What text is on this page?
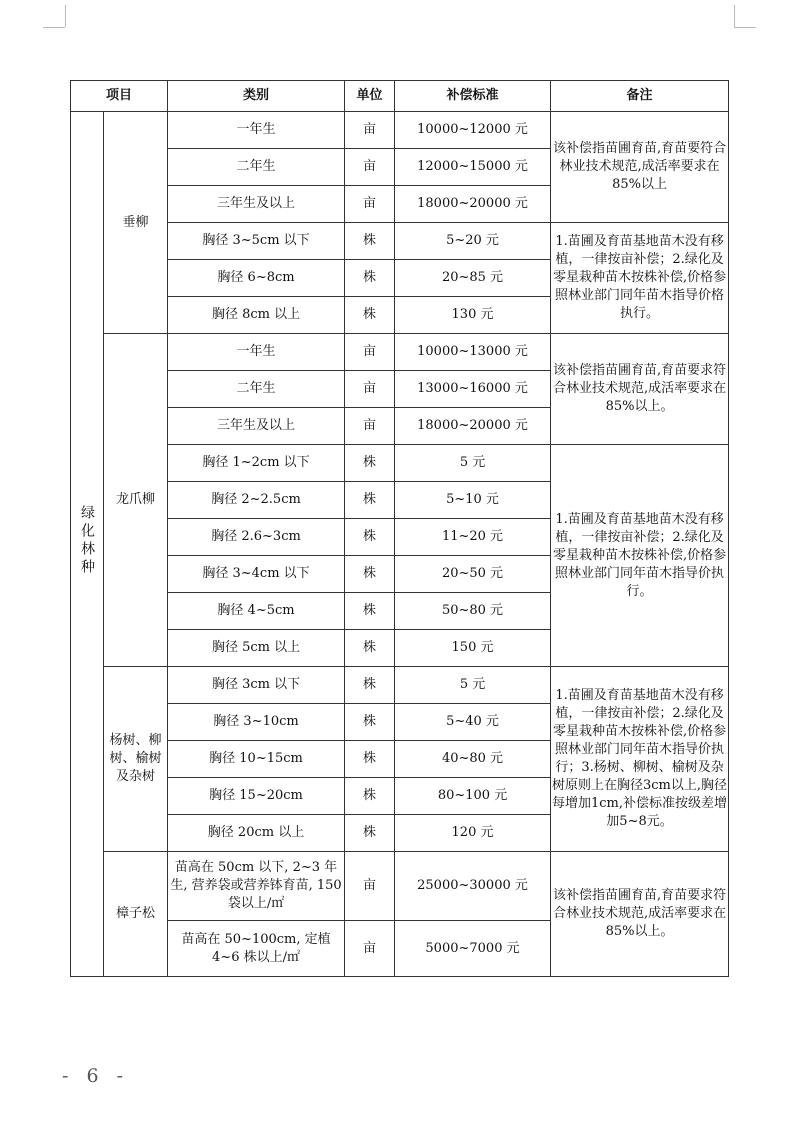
项目		类别	单位	补偿标准	备注
绿化林种	垂柳	一年生	亩	10000~12000 元	该补偿指苗圃育苗,育苗要符合林业技术规范,成活率要求在85%以上
		二年生	亩	12000~15000 元	
		三年生及以上	亩	18000~20000 元	
		胸径 3~5cm 以下	株	5~20 元	1.苗圃及育苗基地苗木没有移植，一律按亩补偿；2.绿化及零星栽种苗木按株补偿,价格参照林业部门同年苗木指导价格执行。
		胸径 6~8cm	株	20~85 元	
		胸径 8cm 以上	株	130 元	
	龙爪柳	一年生	亩	10000~13000 元	该补偿指苗圃育苗,育苗要求符合林业技术规范,成活率要求在85%以上。
		二年生	亩	13000~16000 元	
		三年生及以上	亩	18000~20000 元	
		胸径 1~2cm 以下	株	5 元	1.苗圃及育苗基地苗木没有移植，一律按亩补偿；2.绿化及零星栽种苗木按株补偿,价格参照林业部门同年苗木指导价执行。
		胸径 2~2.5cm	株	5~10 元	
		胸径 2.6~3cm	株	11~20 元	
		胸径 3~4cm 以下	株	20~50 元	
		胸径 4~5cm	株	50~80 元	
		胸径 5cm 以上	株	150 元	
	杨树、柳树、榆树及杂树	胸径 3cm 以下	株	5 元	1.苗圃及育苗基地苗木没有移植，一律按亩补偿；2.绿化及零星栽种苗木按株补偿,价格参照林业部门同年苗木指导价执行；3.杨树、柳树、榆树及杂树原则上在胸径3cm以上,胸径每增加1cm,补偿标准按级差增加5~8元。
		胸径 3~10cm	株	5~40 元	
		胸径 10~15cm	株	40~80 元	
		胸径 15~20cm	株	80~100 元	
		胸径 20cm 以上	株	120 元	
	樟子松	苗高在 50cm 以下, 2~3 年生, 营养袋或营养钵育苗, 150 袋以上/㎡	亩	25000~30000 元	该补偿指苗圃育苗,育苗要求符合林业技术规范,成活率要求在85%以上。
		苗高在 50~100cm, 定植 4~6 株以上/㎡	亩	5000~7000 元	
- 6 -
